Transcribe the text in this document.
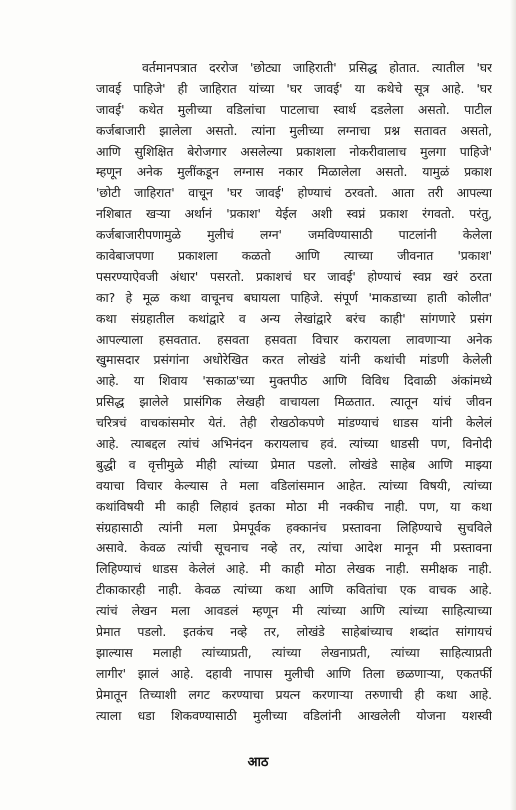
वर्तमानपत्रात दररोज 'छोट्या जाहिराती' प्रसिद्ध होतात. त्यातील 'घर
जावई पाहिजे' ही जाहिरात यांच्या 'घर जावई' या कथेचे सूत्र आहे. 'घर
जावई' कथेत मुलीच्या वडिलांचा पाटलाचा स्वार्थ दडलेला असतो. पाटील
कर्जबाजारी झालेला असतो. त्यांना मुलीच्या लग्नाचा प्रश्न सतावत असतो,
आणि सुशिक्षित बेरोजगार असलेल्या प्रकाशला नोकरीवालाच मुलगा पाहिजे'
म्हणून अनेक मुलींकडून लग्नास नकार मिळालेला असतो. यामुळं प्रकाश
'छोटी जाहिरात' वाचून 'घर जावई' होण्याचं ठरवतो. आता तरी आपल्या
नशिबात खऱ्या अर्थानं 'प्रकाश' येईल अशी स्वप्नं प्रकाश रंगवतो. परंतु,
कर्जबाजारीपणामुळे मुलीचं लग्न' जमविण्यासाठी पाटलांनी केलेला
कावेबाजपणा प्रकाशला कळतो आणि त्याच्या जीवनात 'प्रकाश'
पसरण्याऐवजी अंधार' पसरतो. प्रकाशचं घर जावई' होण्याचं स्वप्न खरं ठरता
का? हे मूळ कथा वाचूनच बघायला पाहिजे. संपूर्ण 'माकडाच्या हाती कोलीत'
कथा संग्रहातील कथांद्वारे व अन्य लेखांद्वारे बरंच काही' सांगणारे प्रसंग
आपल्याला हसवतात. हसवता हसवता विचार करायला लावणाऱ्या अनेक
खुमासदार प्रसंगांना अधोरेखित करत लोखंडे यांनी कथांची मांडणी केलेली
आहे. या शिवाय 'सकाळ'च्या मुक्तपीठ आणि विविध दिवाळी अंकांमध्ये
प्रसिद्ध झालेले प्रासंगिक लेखही वाचायला मिळतात. त्यातून यांचं जीवन
चरित्रचं वाचकांसमोर येतं. तेही रोखठोकपणे मांडण्याचं धाडस यांनी केलेलं
आहे. त्याबद्दल त्यांचं अभिनंदन करायलाच हवं. त्यांच्या धाडसी पण, विनोदी
बुद्धी व वृत्तीमुळे मीही त्यांच्या प्रेमात पडलो. लोखंडे साहेब आणि माझ्या
वयाचा विचार केल्यास ते मला वडिलांसमान आहेत. त्यांच्या विषयी, त्यांच्या
कथांविषयी मी काही लिहावं इतका मोठा मी नक्कीच नाही. पण, या कथा
संग्रहासाठी त्यांनी मला प्रेमपूर्वक हक्कानंच प्रस्तावना लिहिण्याचे सुचविले
असावे. केवळ त्यांची सूचनाच नव्हे तर, त्यांचा आदेश मानून मी प्रस्तावना
लिहिण्याचं धाडस केलेलं आहे. मी काही मोठा लेखक नाही. समीक्षक नाही.
टीकाकारही नाही. केवळ त्यांच्या कथा आणि कवितांचा एक वाचक आहे.
त्यांचं लेखन मला आवडलं म्हणून मी त्यांच्या आणि त्यांच्या साहित्याच्या
प्रेमात पडलो. इतकंच नव्हे तर, लोखंडे साहेबांच्याच शब्दांत सांगायचं
झाल्यास मलाही त्यांच्याप्रती, त्यांच्या लेखनाप्रती, त्यांच्या साहित्याप्रती
लागीर' झालं आहे. दहावी नापास मुलीची आणि तिला छळणाऱ्या, एकतर्फी
प्रेमातून तिच्याशी लगट करण्याचा प्रयत्न करणाऱ्या तरुणाची ही कथा आहे.
त्याला धडा शिकवण्यासाठी मुलीच्या वडिलांनी आखलेली योजना यशस्वी
आठ
